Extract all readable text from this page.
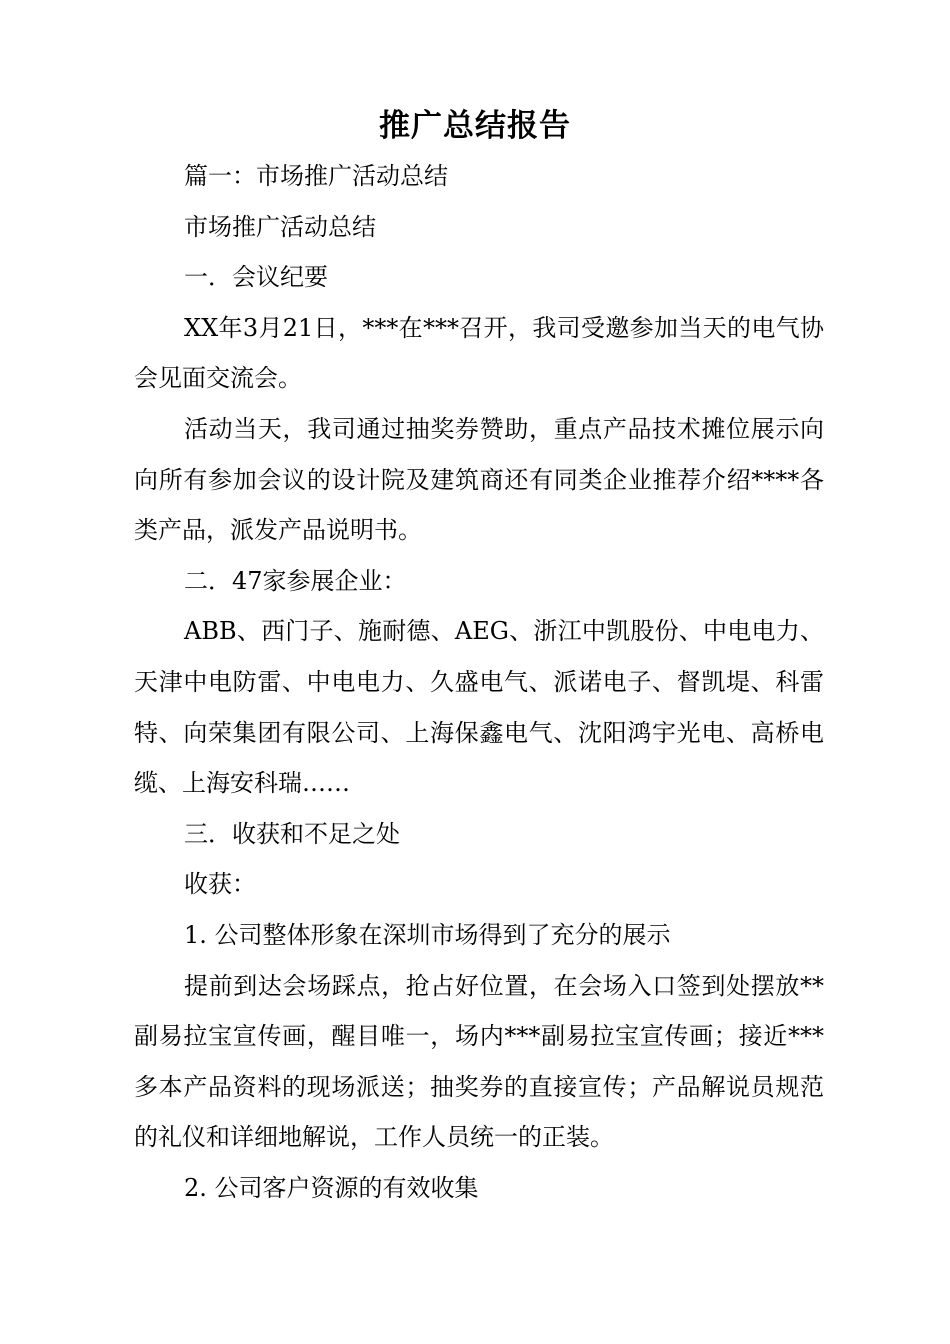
推广总结报告

篇一：市场推广活动总结

市场推广活动总结

一．会议纪要

XX年3月21日，***在***召开，我司受邀参加当天的电气协会见面交流会。

活动当天，我司通过抽奖券赞助，重点产品技术摊位展示向向所有参加会议的设计院及建筑商还有同类企业推荐介绍****各类产品，派发产品说明书。

二．47家参展企业：

ABB、西门子、施耐德、AEG、浙江中凯股份、中电电力、天津中电防雷、中电电力、久盛电气、派诺电子、督凯堤、科雷特、向荣集团有限公司、上海保鑫电气、沈阳鸿宇光电、高桥电缆、上海安科瑞……

三．收获和不足之处

收获：

1. 公司整体形象在深圳市场得到了充分的展示

提前到达会场踩点，抢占好位置，在会场入口签到处摆放**副易拉宝宣传画，醒目唯一，场内***副易拉宝宣传画；接近***多本产品资料的现场派送；抽奖券的直接宣传；产品解说员规范的礼仪和详细地解说，工作人员统一的正装。

2. 公司客户资源的有效收集
